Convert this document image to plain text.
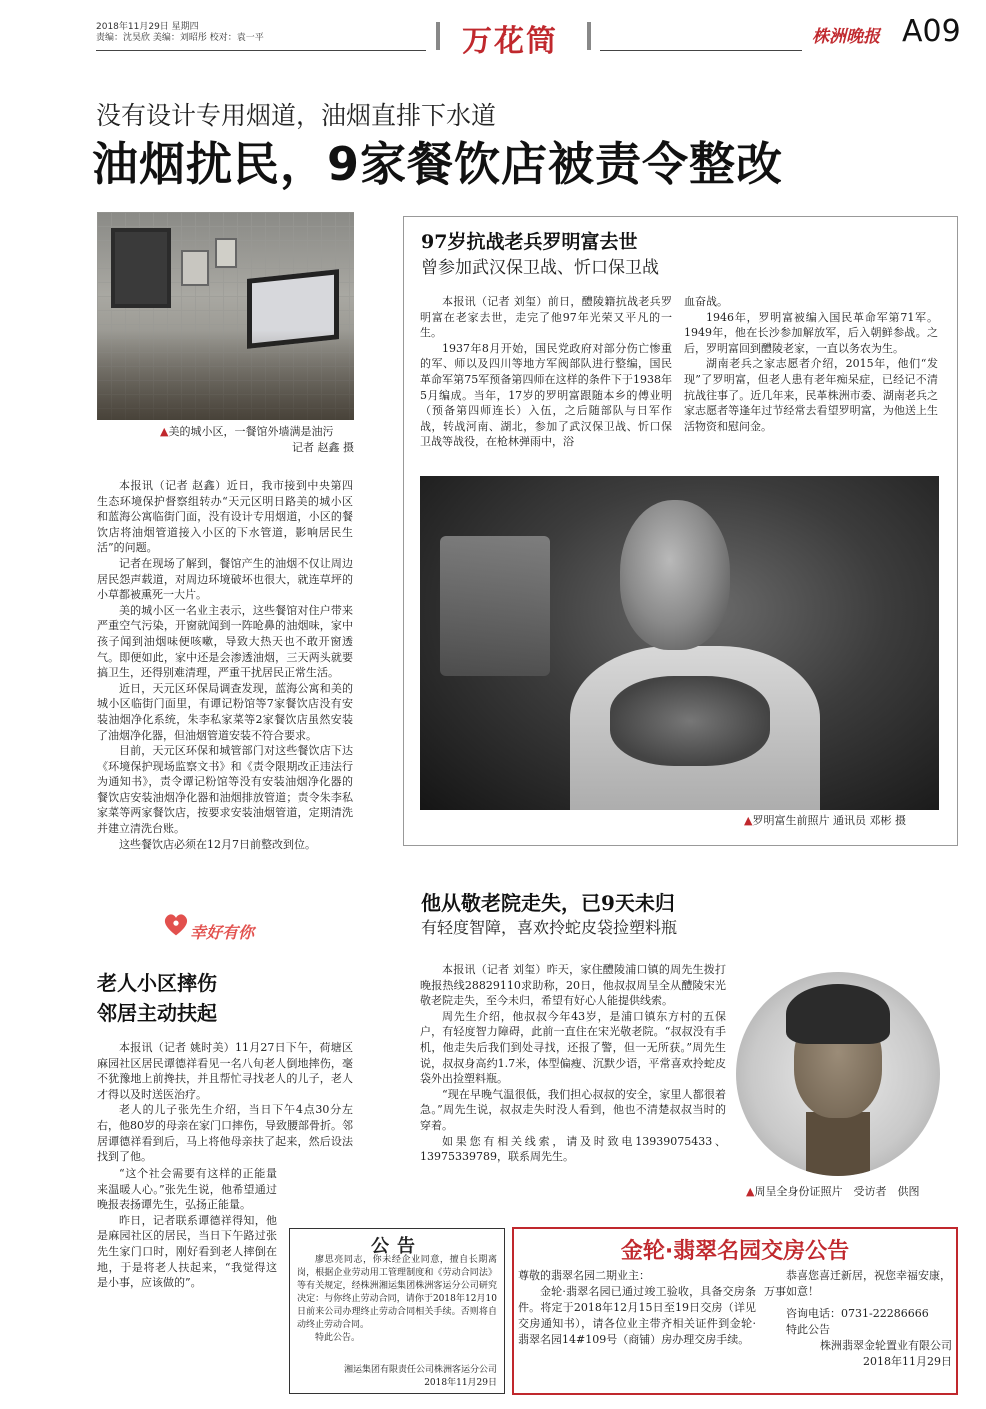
2018年11月29日 星期四
责编：沈昊欣 美编：刘昭彤 校对：袁一平	万花筒	株洲晚报 A09
没有设计专用烟道，油烟直排下水道
油烟扰民，9家餐饮店被责令整改
▲美的城小区，一餐馆外墙满是油污
记者 赵鑫 摄

本报讯（记者 赵鑫）近日，我市接到中央第四生态环境保护督察组转办“天元区明日路美的城小区和蓝海公寓临街门面，没有设计专用烟道，小区的餐饮店将油烟管道接入小区的下水管道，影响居民生活”的问题。

记者在现场了解到，餐馆产生的油烟不仅让周边居民怨声载道，对周边环境破坏也很大，就连草坪的小草都被熏死一大片。

美的城小区一名业主表示，这些餐馆对住户带来严重空气污染，开窗就闻到一阵呛鼻的油烟味，家中孩子闻到油烟味便咳嗽，导致大热天也不敢开窗透气。即便如此，家中还是会渗透油烟，三天两头就要搞卫生，还得别难清理，严重干扰居民正常生活。

近日，天元区环保局调查发现，蓝海公寓和美的城小区临街门面里，有谭记粉馆等7家餐饮店没有安装油烟净化系统，朱李私家菜等2家餐饮店虽然安装了油烟净化器，但油烟管道安装不符合要求。

目前，天元区环保和城管部门对这些餐饮店下达《环境保护现场监察文书》和《责令限期改正违法行为通知书》，责令谭记粉馆等没有安装油烟净化器的餐饮店安装油烟净化器和油烟排放管道；责令朱李私家菜等两家餐饮店，按要求安装油烟管道，定期清洗并建立清洗台账。

这些餐饮店必须在12月7日前整改到位。

97岁抗战老兵罗明富去世
曾参加武汉保卫战、忻口保卫战

本报讯（记者 刘玺）前日，醴陵籍抗战老兵罗明富在老家去世，走完了他97年光荣又平凡的一生。

1937年8月开始，国民党政府对部分伤亡惨重的军、师以及四川等地方军阀部队进行整编，国民革命军第75军预备第四师在这样的条件下于1938年5月编成。当年，17岁的罗明富跟随本乡的傅业明（预备第四师连长）入伍，之后随部队与日军作战，转战河南、湖北，参加了武汉保卫战、忻口保卫战等战役，在枪林弹雨中，浴

血奋战。

1946年，罗明富被编入国民革命军第71军。1949年，他在长沙参加解放军，后入朝鲜参战。之后，罗明富回到醴陵老家，一直以务农为生。

湖南老兵之家志愿者介绍，2015年，他们“发现”了罗明富，但老人患有老年痴呆症，已经记不清抗战往事了。近几年来，民革株洲市委、湖南老兵之家志愿者等逢年过节经常去看望罗明富，为他送上生活物资和慰问金。

▲罗明富生前照片 通讯员 邓彬 摄
幸好有你
老人小区摔伤
邻居主动扶起

本报讯（记者 姚时美）11月27日下午，荷塘区麻园社区居民谭德祥看见一名八旬老人倒地摔伤，毫不犹豫地上前搀扶，并且帮忙寻找老人的儿子，老人才得以及时送医治疗。

老人的儿子张先生介绍，当日下午4点30分左右，他80岁的母亲在家门口摔伤，导致腰部骨折。邻居谭德祥看到后，马上将他母亲扶了起来，然后设法找到了他。

“这个社会需要有这样的正能量来温暖人心。”张先生说，他希望通过晚报表扬谭先生，弘扬正能量。

昨日，记者联系谭德祥得知，他是麻园社区的居民，当日下午路过张先生家门口时，刚好看到老人摔倒在地，于是将老人扶起来，“我觉得这是小事，应该做的”。

他从敬老院走失，已9天未归
有轻度智障，喜欢拎蛇皮袋捡塑料瓶

本报讯（记者 刘玺）昨天，家住醴陵浦口镇的周先生拨打晚报热线28829110求助称，20日，他叔叔周呈全从醴陵宋光敬老院走失，至今未归，希望有好心人能提供线索。

周先生介绍，他叔叔今年43岁，是浦口镇东方村的五保户，有轻度智力障碍，此前一直住在宋光敬老院。“叔叔没有手机，他走失后我们到处寻找，还报了警，但一无所获。”周先生说，叔叔身高约1.7米，体型偏瘦、沉默少语，平常喜欢拎蛇皮袋外出捡塑料瓶。

“现在早晚气温很低，我们担心叔叔的安全，家里人都很着急。”周先生说，叔叔走失时没人看到，他也不清楚叔叔当时的穿着。

如果您有相关线索，请及时致电13939075433、13975339789，联系周先生。

▲周呈全身份证照片　受访者　供图
公告

廖思亮同志，你未经企业同意，擅自长期离岗，根据企业劳动用工管理制度和《劳动合同法》等有关规定，经株洲湘运集团株洲客运分公司研究决定：与你终止劳动合同，请你于2018年12月10日前来公司办理终止劳动合同相关手续。否则将自动终止劳动合同。

特此公告。

湘运集团有限责任公司株洲客运分公司
2018年11月29日
金轮·翡翠名园交房公告
尊敬的翡翠名园二期业主：

金轮·翡翠名园已通过竣工验收，具备交房条件。将定于2018年12月15日至19日交房（详见交房通知书），请各位业主带齐相关证件到金轮·翡翠名园14#109号（商铺）房办理交房手续。

恭喜您喜迁新居，祝您幸福安康，万事如意！

咨询电话：0731-22286666

特此公告

株洲翡翠金轮置业有限公司
2018年11月29日
